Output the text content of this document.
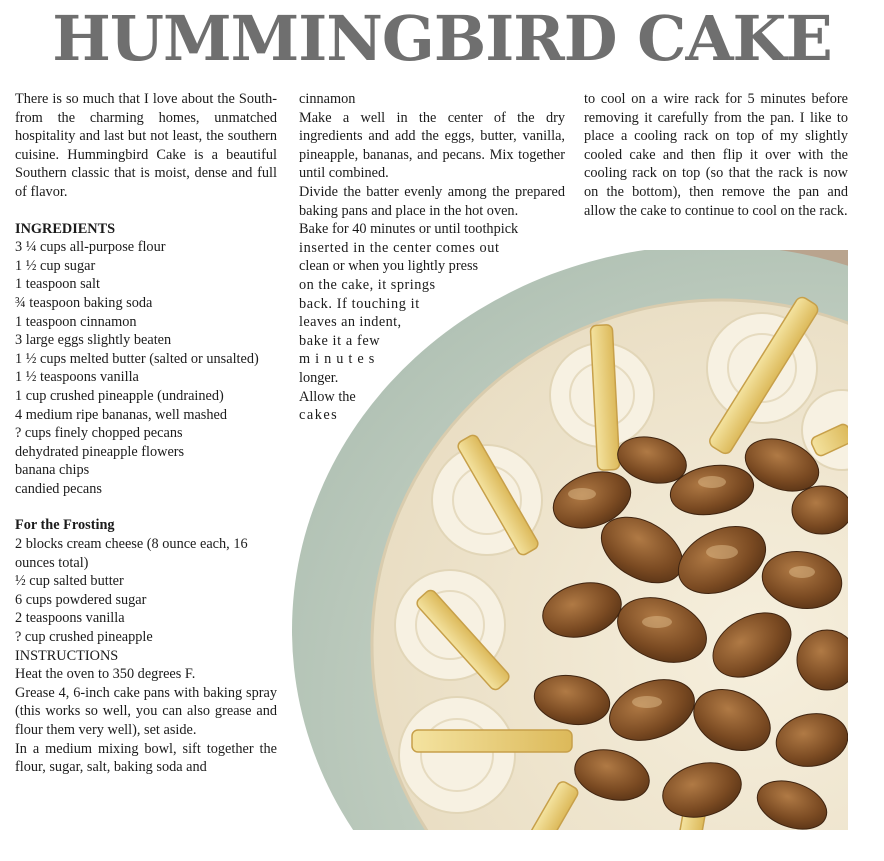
HUMMINGBIRD CAKE

There is so much that I love about the South-from the charming homes, unmatched hospitality and last but not least, the southern cuisine. Hummingbird Cake is a beautiful Southern classic that is moist, dense and full of flavor.

INGREDIENTS

3 ¼ cups all-purpose flour

1 ½ cup sugar

1 teaspoon salt

¾ teaspoon baking soda

1 teaspoon cinnamon

3 large eggs slightly beaten

1 ½ cups melted butter (salted or unsalted)

1 ½ teaspoons vanilla

1 cup crushed pineapple (undrained)

4 medium ripe bananas, well mashed

? cups finely chopped pecans

dehydrated pineapple flowers

banana chips

candied pecans

For the Frosting

2 blocks cream cheese (8 ounce each, 16 ounces total)

½ cup salted butter

6 cups powdered sugar

2 teaspoons vanilla

? cup crushed pineapple

INSTRUCTIONS

Heat the oven to 350 degrees F.

Grease 4, 6-inch cake pans with baking spray (this works so well, you can also grease and flour them very well), set aside.

In a medium mixing bowl, sift together the flour, sugar, salt, baking soda and

cinnamon

Make a well in the center of the dry ingredients and add the eggs, butter, vanilla, pineapple, bananas, and pecans. Mix together until combined.

Divide the batter evenly among the prepared baking pans and place in the hot oven.

Bake for 40 minutes or until toothpick

inserted in the center comes out

clean or when you lightly press

on the cake, it springs

back. If touching it

leaves an indent,

bake it a few

minutes

longer.

Allow the

cakes

to cool on a wire rack for 5 minutes before removing it carefully from the pan. I like to place a cooling rack on top of my slightly cooled cake and then flip it over with the cooling rack on top (so that the rack is now on the bottom), then remove the pan and allow the cake to continue to cool on the rack.
